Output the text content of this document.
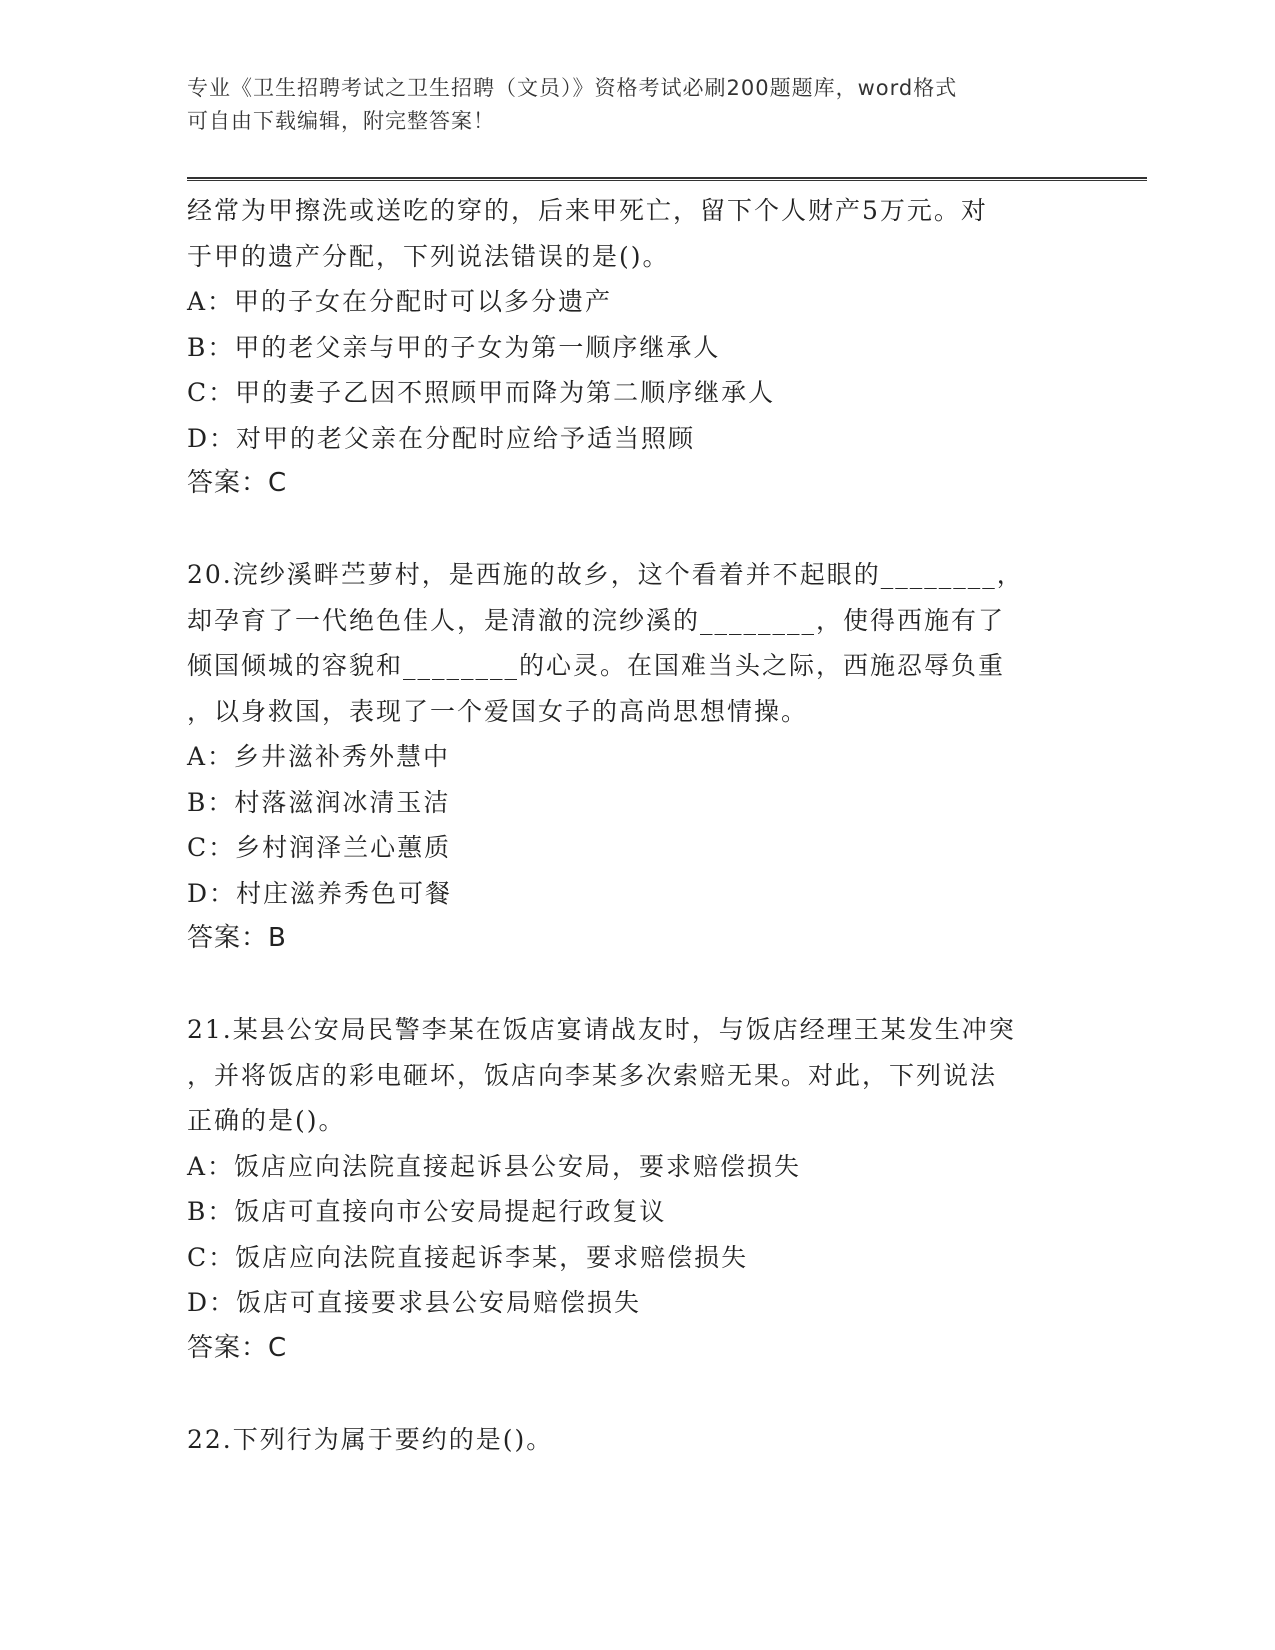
专业《卫生招聘考试之卫生招聘（文员）》资格考试必刷200题题库，word格式
可自由下载编辑，附完整答案！
经常为甲擦洗或送吃的穿的，后来甲死亡，留下个人财产5万元。对
于甲的遗产分配，下列说法错误的是()。
A：甲的子女在分配时可以多分遗产
B：甲的老父亲与甲的子女为第一顺序继承人
C：甲的妻子乙因不照顾甲而降为第二顺序继承人
D：对甲的老父亲在分配时应给予适当照顾
答案：C
20.浣纱溪畔苎萝村，是西施的故乡，这个看着并不起眼的________，
却孕育了一代绝色佳人，是清澈的浣纱溪的________，使得西施有了
倾国倾城的容貌和________的心灵。在国难当头之际，西施忍辱负重
，以身救国，表现了一个爱国女子的高尚思想情操。
A：乡井滋补秀外慧中
B：村落滋润冰清玉洁
C：乡村润泽兰心蕙质
D：村庄滋养秀色可餐
答案：B
21.某县公安局民警李某在饭店宴请战友时，与饭店经理王某发生冲突
，并将饭店的彩电砸坏，饭店向李某多次索赔无果。对此，下列说法
正确的是()。
A：饭店应向法院直接起诉县公安局，要求赔偿损失
B：饭店可直接向市公安局提起行政复议
C：饭店应向法院直接起诉李某，要求赔偿损失
D：饭店可直接要求县公安局赔偿损失
答案：C
22.下列行为属于要约的是()。
